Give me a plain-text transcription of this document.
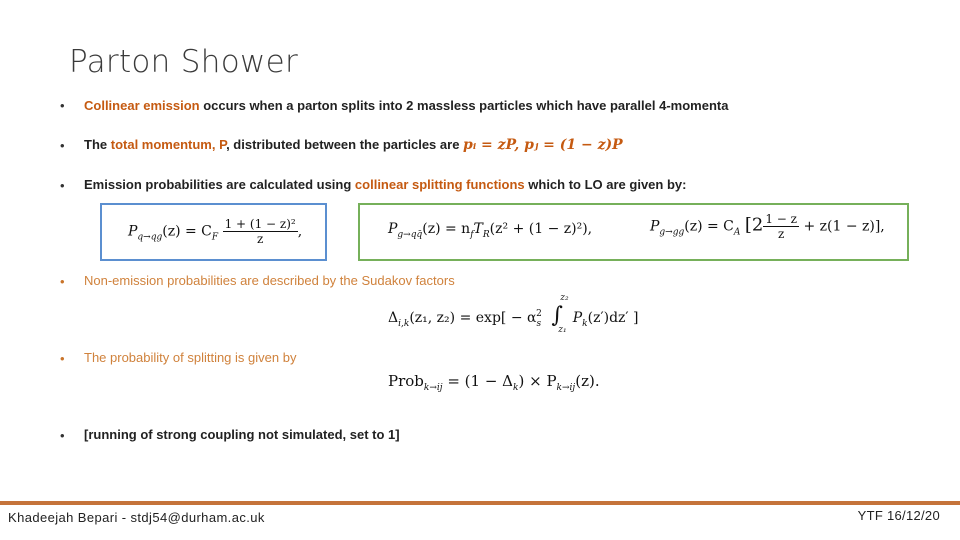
Parton Shower
• Collinear emission occurs when a parton splits into 2 massless particles which have parallel 4-momenta
• The total momentum, P, distributed between the particles are pᵢ = zP, pⱼ = (1 − z)P
• Emission probabilities are calculated using collinear splitting functions which to LO are given by:
$P_{q\to qg}(z) = C_F \frac{\text{1 + (1 − z)²}}{z}$ ,	$P_{g\to qq̄}(z) = n_fT_R(z^2 + (1 - z)^2)$,	$P_{g\to gg}(z) = C_A$ $[2 \frac{1 - z}{z} + z(1 - z)]$,
• Non-emission probabilities are described by the Sudakov factors
$\Delta_{i,k}(z_1$, $z_2) = \exp[ - \alpha_s^2$ ∫
z₂
z₁
$P_k(z')dz'$ ]
• The probability of splitting is given by
Prob$_{k\to ij}$ = $(1 - \Delta_k) \times P_{k\to ij}(z)$.
• [running of strong coupling not simulated, set to 1]
Khadeejah Bepari - stdj54@durham.ac.uk	YTF 16/12/20
